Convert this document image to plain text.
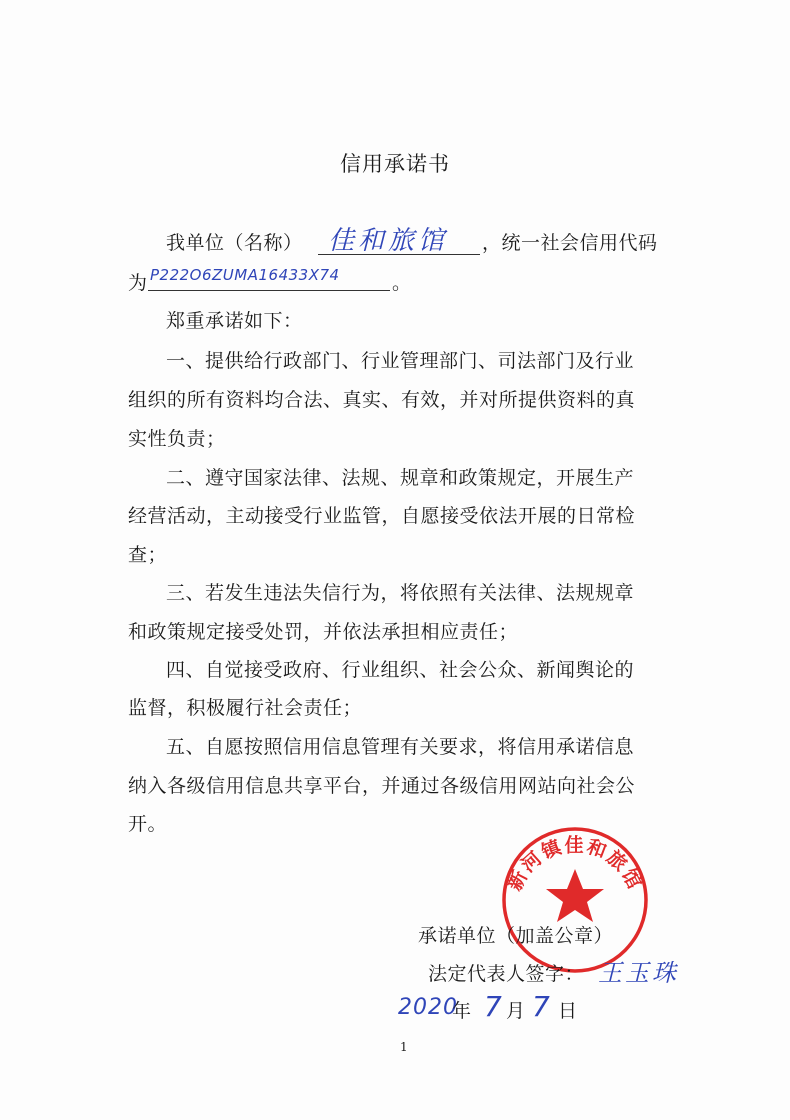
信用承诺书
我单位（名称） 佳和旅馆 ，统一社会信用代码
为 P222O6ZUMA16433X74	。
郑重承诺如下：
一、提供给行政部门、行业管理部门、司法部门及行业
组织的所有资料均合法、真实、有效，并对所提供资料的真
实性负责；
二、遵守国家法律、法规、规章和政策规定，开展生产
经营活动，主动接受行业监管，自愿接受依法开展的日常检
查；
三、若发生违法失信行为，将依照有关法律、法规规章
和政策规定接受处罚，并依法承担相应责任；
四、自觉接受政府、行业组织、社会公众、新闻舆论的
监督，积极履行社会责任；
五、自愿按照信用信息管理有关要求，将信用承诺信息
纳入各级信用信息共享平台，并通过各级信用网站向社会公
开。
新河镇佳和旅馆
承诺单位（加盖公章）
法定代表人签字： 王玉珠
2020
年 7 月 7 日
1
